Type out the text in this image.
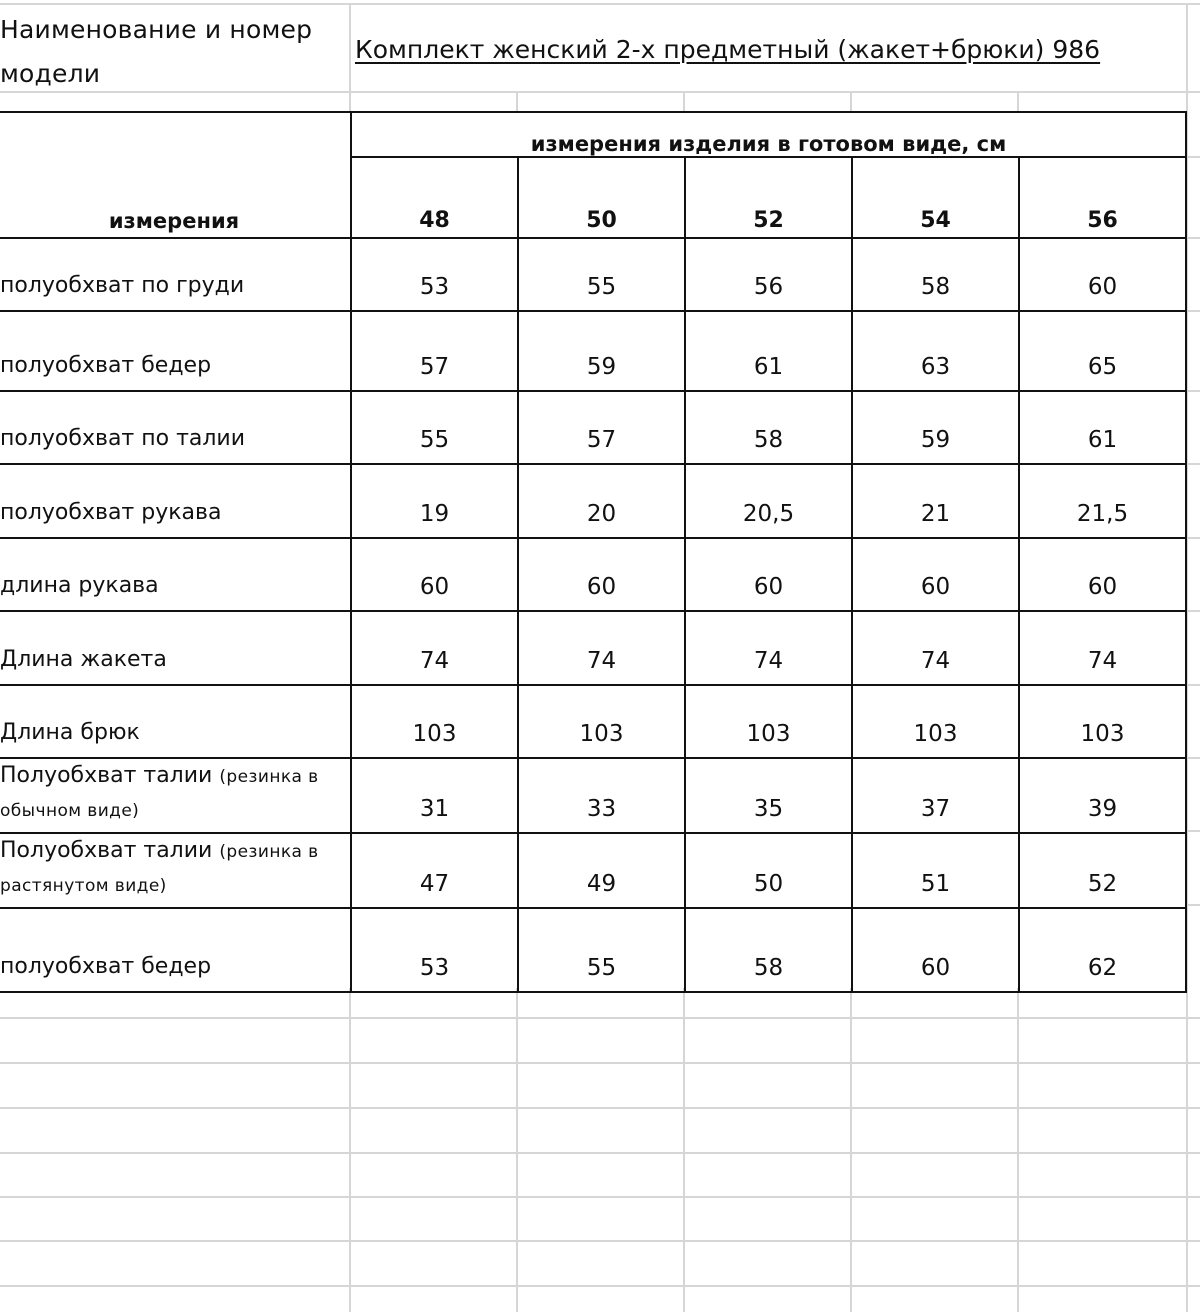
Наименование и номер
модели
Комплект женский 2-х предметный (жакет+брюки) 986
измерения	измерения изделия в готовом виде, см				
	48	50	52	54	56
полуобхват по груди	53	55	56	58	60
полуобхват бедер	57	59	61	63	65
полуобхват по талии	55	57	58	59	61
полуобхват рукава	19	20	20,5	21	21,5
длина рукава	60	60	60	60	60
Длина жакета	74	74	74	74	74
Длина брюк	103	103	103	103	103

Полуобхват талии (резинка в
обычном виде)	31	33	35	37	39

Полуобхват талии (резинка в
растянутом виде)	47	49	50	51	52
полуобхват бедер	53	55	58	60	62
